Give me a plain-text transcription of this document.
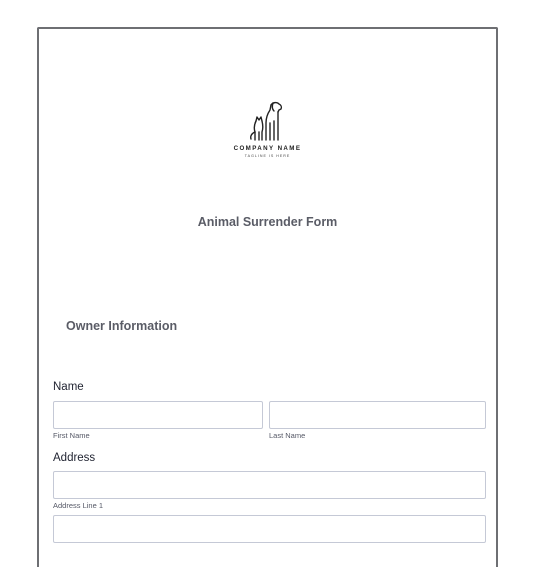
COMPANY NAME
TAGLINE IS HERE
Animal Surrender Form
Owner Information
Name
First Name	Last Name
Address
Address Line 1
